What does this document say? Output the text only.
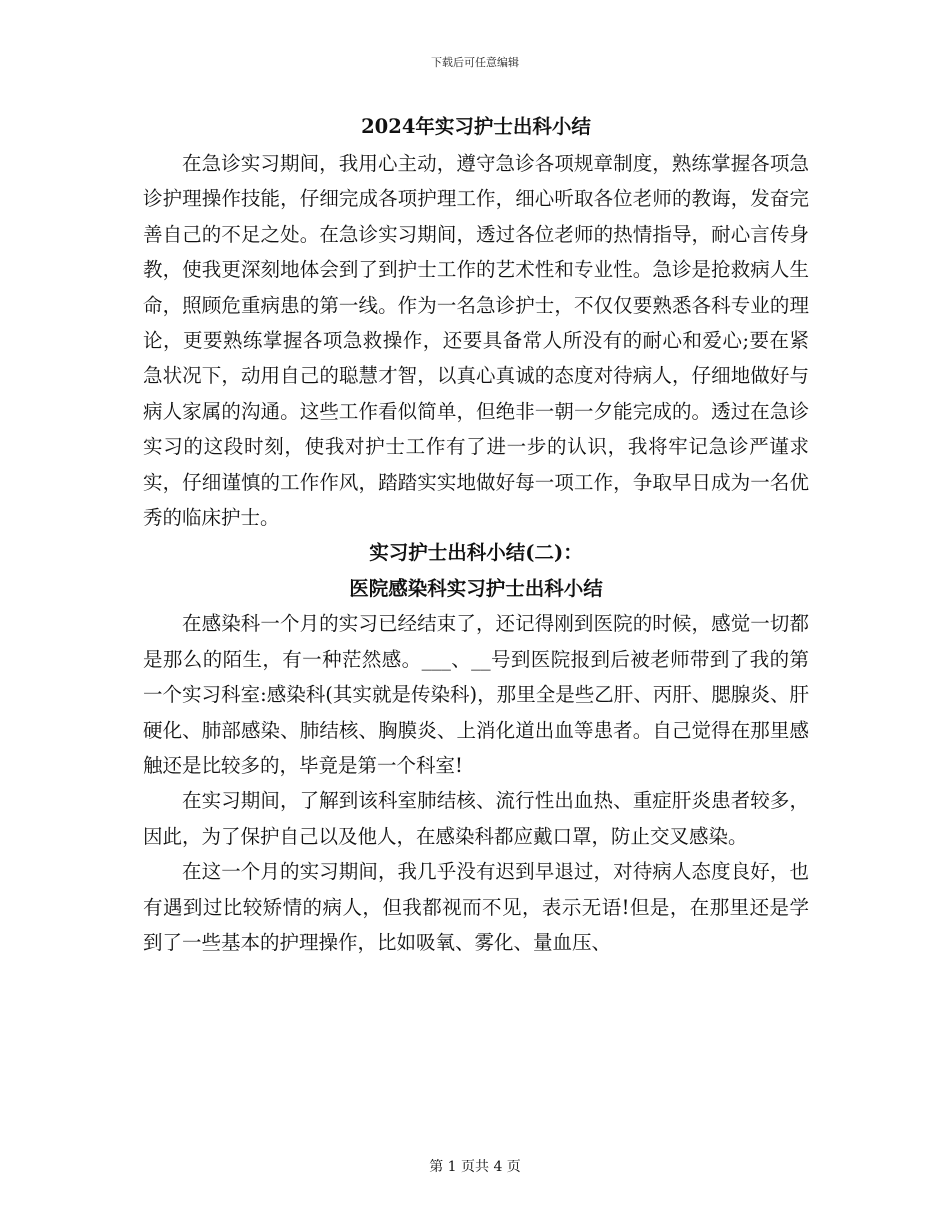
下载后可任意编辑
2024年实习护士出科小结

在急诊实习期间，我用心主动，遵守急诊各项规章制度，熟练掌握各项急诊护理操作技能，仔细完成各项护理工作，细心听取各位老师的教诲，发奋完善自己的不足之处。在急诊实习期间，透过各位老师的热情指导，耐心言传身教，使我更深刻地体会到了到护士工作的艺术性和专业性。急诊是抢救病人生命，照顾危重病患的第一线。作为一名急诊护士，不仅仅要熟悉各科专业的理论，更要熟练掌握各项急救操作，还要具备常人所没有的耐心和爱心;要在紧急状况下，动用自己的聪慧才智，以真心真诚的态度对待病人，仔细地做好与病人家属的沟通。这些工作看似简单，但绝非一朝一夕能完成的。透过在急诊实习的这段时刻，使我对护士工作有了进一步的认识，我将牢记急诊严谨求实，仔细谨慎的工作作风，踏踏实实地做好每一项工作，争取早日成为一名优秀的临床护士。

实习护士出科小结(二)：
医院感染科实习护士出科小结

在感染科一个月的实习已经结束了，还记得刚到医院的时候，感觉一切都是那么的陌生，有一种茫然感。___、__号到医院报到后被老师带到了我的第一个实习科室:感染科(其实就是传染科)，那里全是些乙肝、丙肝、腮腺炎、肝硬化、肺部感染、肺结核、胸膜炎、上消化道出血等患者。自己觉得在那里感触还是比较多的，毕竟是第一个科室!

在实习期间，了解到该科室肺结核、流行性出血热、重症肝炎患者较多，因此，为了保护自己以及他人，在感染科都应戴口罩，防止交叉感染。

在这一个月的实习期间，我几乎没有迟到早退过，对待病人态度良好，也有遇到过比较矫情的病人，但我都视而不见，表示无语!但是，在那里还是学到了一些基本的护理操作，比如吸氧、雾化、量血压、

第 1 页共 4 页
